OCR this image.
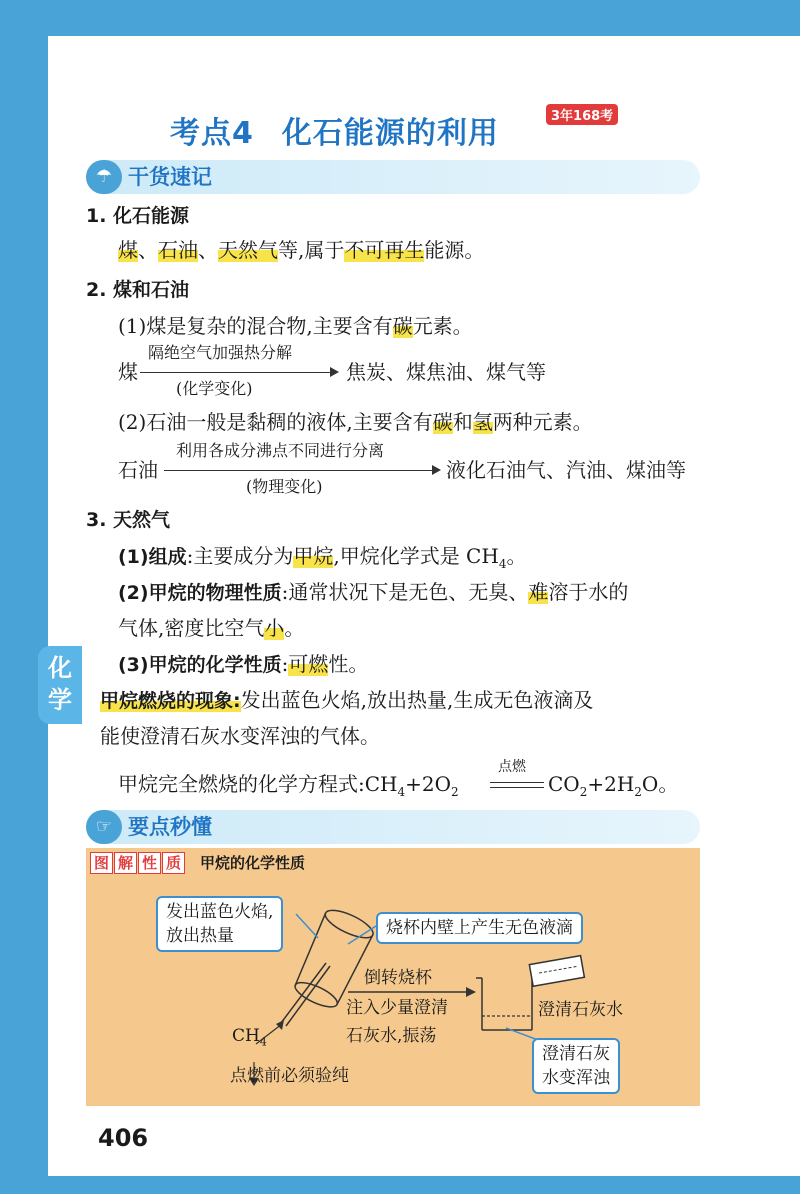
化
学
考点4 化石能源的利用	3年168考
☂ 干货速记
1. 化石能源
煤、石油、天然气等,属于不可再生能源。
2. 煤和石油
(1)煤是复杂的混合物,主要含有碳元素。
煤
隔绝空气加强热分解
(化学变化)
焦炭、煤焦油、煤气等
(2)石油一般是黏稠的液体,主要含有碳和氢两种元素。
石油
利用各成分沸点不同进行分离
(物理变化)
液化石油气、汽油、煤油等
3. 天然气
(1)组成:主要成分为甲烷,甲烷化学式是 $CH_4$。
(2)甲烷的物理性质:通常状况下是无色、无臭、难溶于水的
气体,密度比空气小。
(3)甲烷的化学性质:可燃性。
甲烷燃烧的现象:发出蓝色火焰,放出热量,生成无色液滴及
能使澄清石灰水变浑浊的气体。
甲烷完全燃烧的化学方程式$:CH_4+2O_2$
点燃
$CO_2+2H_2O$。
☞ 要点秒懂
图 解 性 质 甲烷的化学性质
发出蓝色火焰,
放出热量	烧杯内壁上产生无色液滴
倒转烧杯
注入少量澄清
石灰水,振荡
澄清石灰水
澄清石灰
水变浑浊
$CH_4$
点燃前必须验纯
406
